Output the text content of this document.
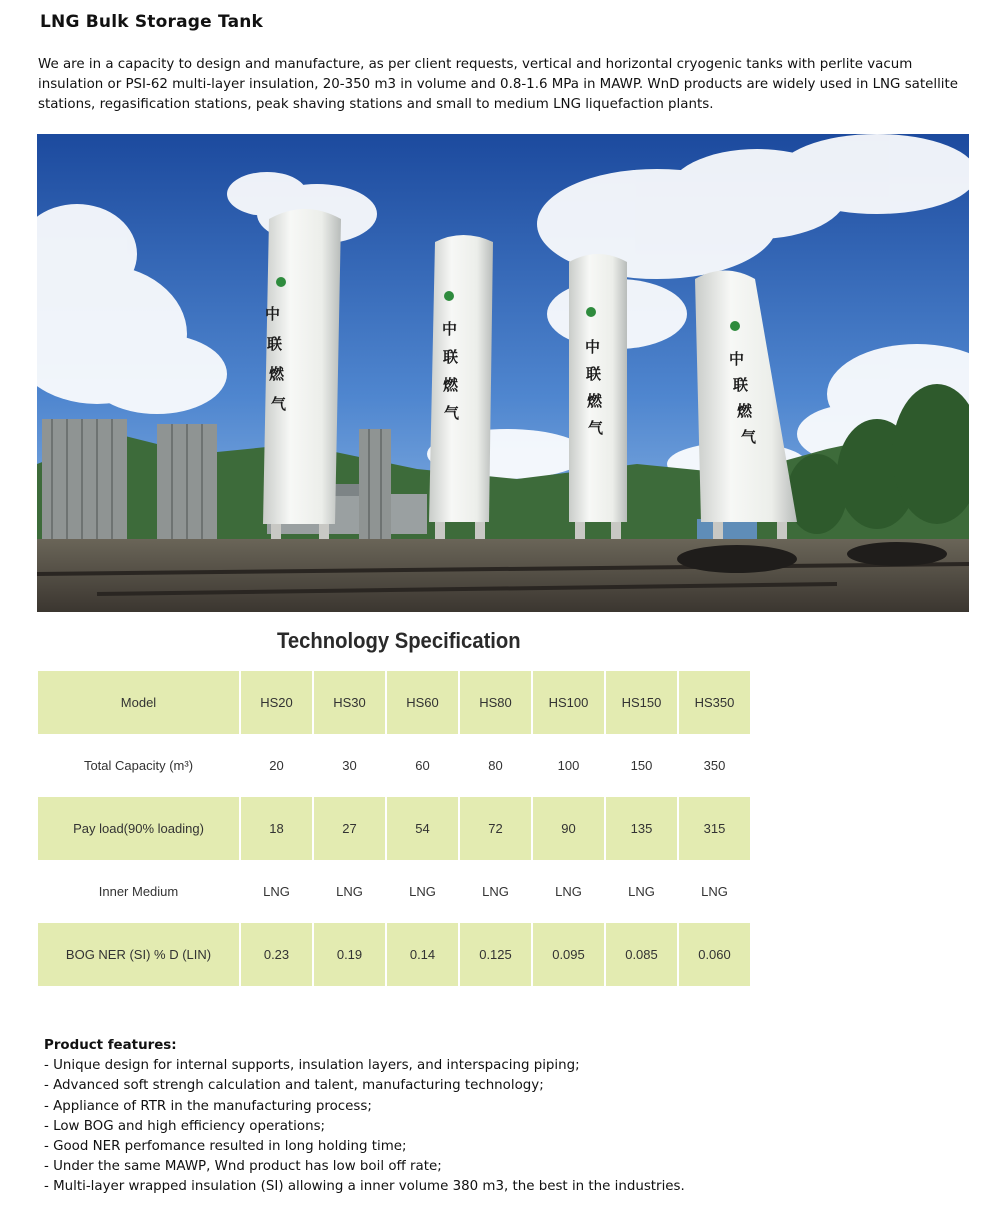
LNG Bulk Storage Tank
We are in a capacity to design and manufacture, as per client requests, vertical and horizontal cryogenic tanks with perlite vacum insulation or PSI-62 multi-layer insulation, 20-350 m3 in volume and 0.8-1.6 MPa in MAWP. WnD products are widely used in LNG satellite stations, regasification stations, peak shaving stations and small to medium LNG liquefaction plants.
中
联
燃
气
中
联
燃
气
中
联
燃
气
中
联
燃
气
Technology Specification
Model	HS20	HS30	HS60	HS80	HS100	HS150	HS350
Total Capacity (m³)	20	30	60	80	100	150	350
Pay load(90% loading)	18	27	54	72	90	135	315
Inner Medium	LNG	LNG	LNG	LNG	LNG	LNG	LNG
BOG NER (SI) % D (LIN)	0.23	0.19	0.14	0.125	0.095	0.085	0.060
Product features:
- Unique design for internal supports, insulation layers, and interspacing piping;
- Advanced soft strengh calculation and talent, manufacturing technology;
- Appliance of RTR in the manufacturing process;
- Low BOG and high efficiency operations;
- Good NER perfomance resulted in long holding time;
- Under the same MAWP, Wnd product has low boil off rate;
- Multi-layer wrapped insulation (SI) allowing a inner volume 380 m3, the best in the industries.
